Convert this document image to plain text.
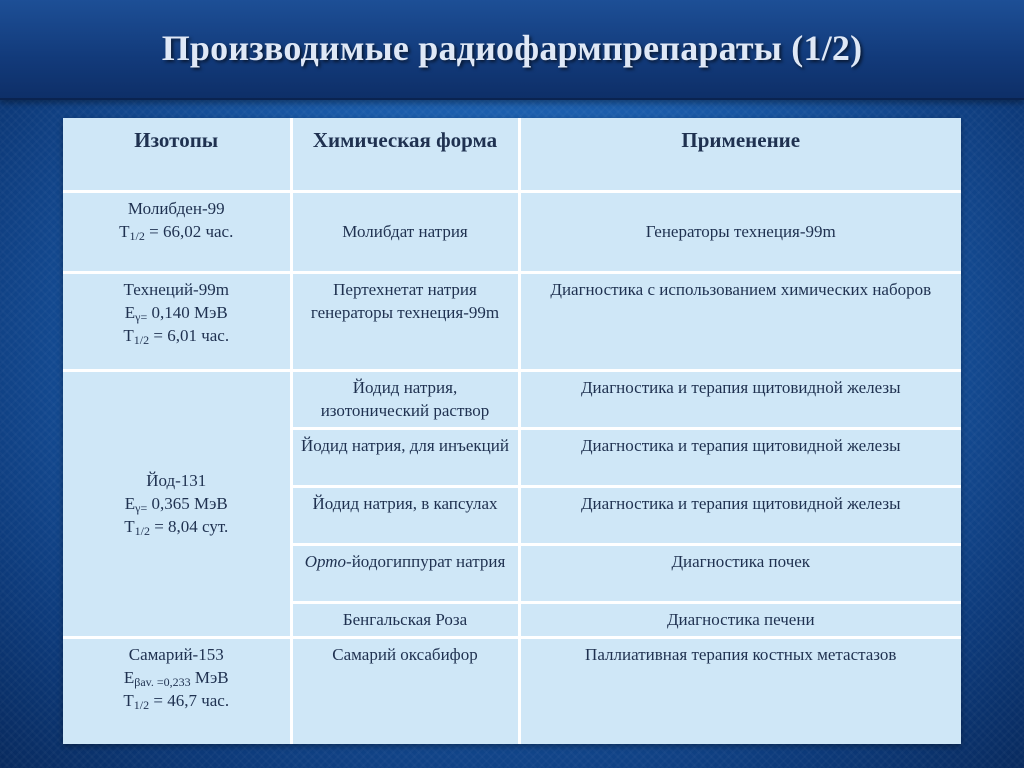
Производимые радиофармпрепараты (1/2)
Изотопы	Химическая форма	Применение

Молибден-99
$T_{1/2} = 66,02$ час.	Молибдат натрия	Генераторы технеция-99m

Технеций-99m
$E_{\gamma=}$ 0,140 МэВ
$T_{1/2} = 6,01$ час.	Пертехнетат натрия генераторы технеция-99m	Диагностика с использованием химических наборов

Йод-131
$E_{\gamma=}$ 0,365 МэВ
$T_{1/2} = 8,04$ сут.	Йодид натрия, изотонический раствор	Диагностика и терапия щитовидной железы
	Йодид натрия, для инъекций	Диагностика и терапия щитовидной железы
	Йодид натрия, в капсулах	Диагностика и терапия щитовидной железы
	Орто-йодогиппурат натрия	Диагностика почек
	Бенгальская Роза	Диагностика печени

Самарий-153
$E_{\beta av. =0,233}$ МэВ
$T_{1/2} = 46,7$ час.	Самарий оксабифор	Паллиативная терапия костных метастазов
